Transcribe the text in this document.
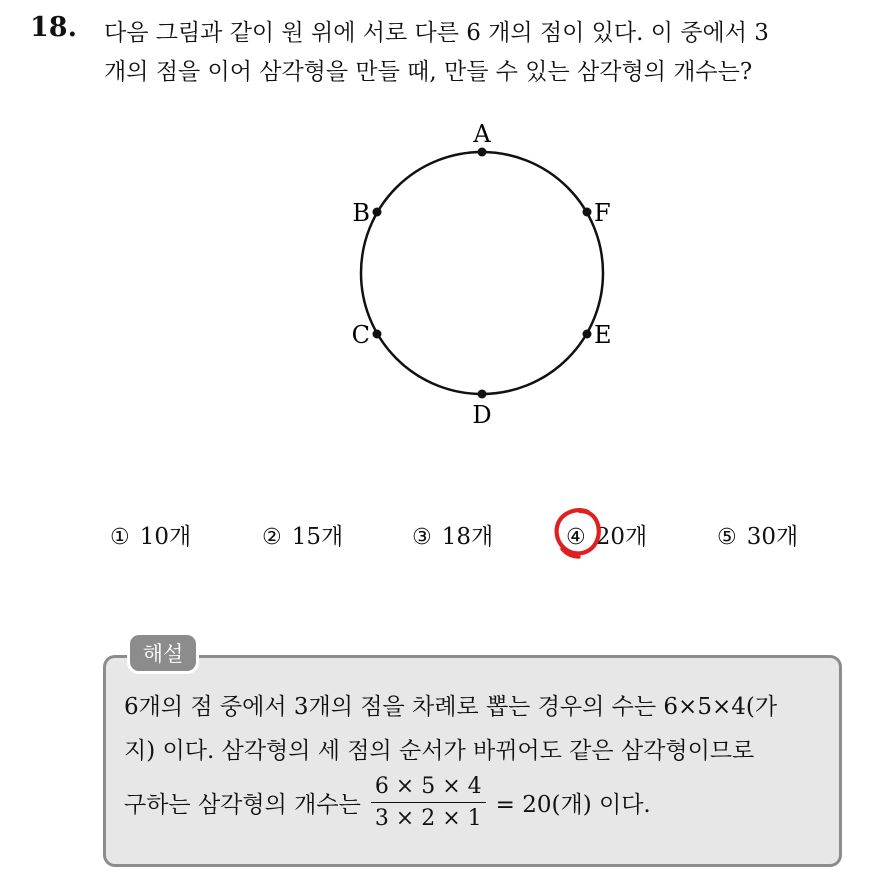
18. 다음 그림과 같이 원 위에 서로 다른 6 개의 점이 있다. 이 중에서 3
개의 점을 이어 삼각형을 만들 때, 만들 수 있는 삼각형의 개수는?
A
F
E
D
C
B
① 10개	② 15개	③ 18개	④ 20개	⑤ 30개
해설
6개의 점 중에서 3개의 점을 차례로 뽑는 경우의 수는 6×5×4(가
지) 이다. 삼각형의 세 점의 순서가 바뀌어도 같은 삼각형이므로
구하는 삼각형의 개수는 $\frac{6 \times 5 \times 4}{3 \times 2 \times 1} = 20$(개) 이다.
